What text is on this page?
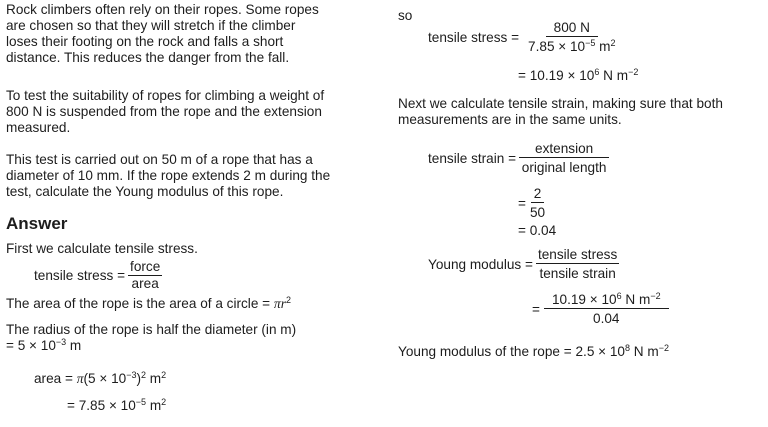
Rock climbers often rely on their ropes. Some ropes
are chosen so that they will stretch if the climber
loses their footing on the rock and falls a short
distance. This reduces the danger from the fall.
To test the suitability of ropes for climbing a weight of
800 N is suspended from the rope and the extension
measured.
This test is carried out on 50 m of a rope that has a
diameter of 10 mm. If the rope extends 2 m during the
test, calculate the Young modulus of this rope.
Answer
First we calculate tensile stress.
tensile stress = $\frac{\text{force}}{\text{area}}$
The area of the rope is the area of a circle = $\pi r^2$
The radius of the rope is half the diameter (in m)
= $5 \times 10^{-3}$ m
area = $\pi(5 \times 10^{-3})^2$ $m^2$
= $7.85 \times 10^{-5}$ $m^2$
so
tensile stress = $\frac{800 N}{7.85 \times 10^{-5} m^2}$
= $10.19 \times 10^6$ N $m^{-2}$
Next we calculate tensile strain, making sure that both
measurements are in the same units.
tensile strain = $\frac{\text{extension}}{\text{original length}}$
= $\frac{2}{50}$
= 0.04
Young modulus = $\frac{\text{tensile stress}}{\text{tensile strain}}$
= $\frac{10.19 \times 10^6 N m^{-2}}{0.04}$
Young modulus of the rope = $2.5 \times 10^8$ N $m^{-2}$
